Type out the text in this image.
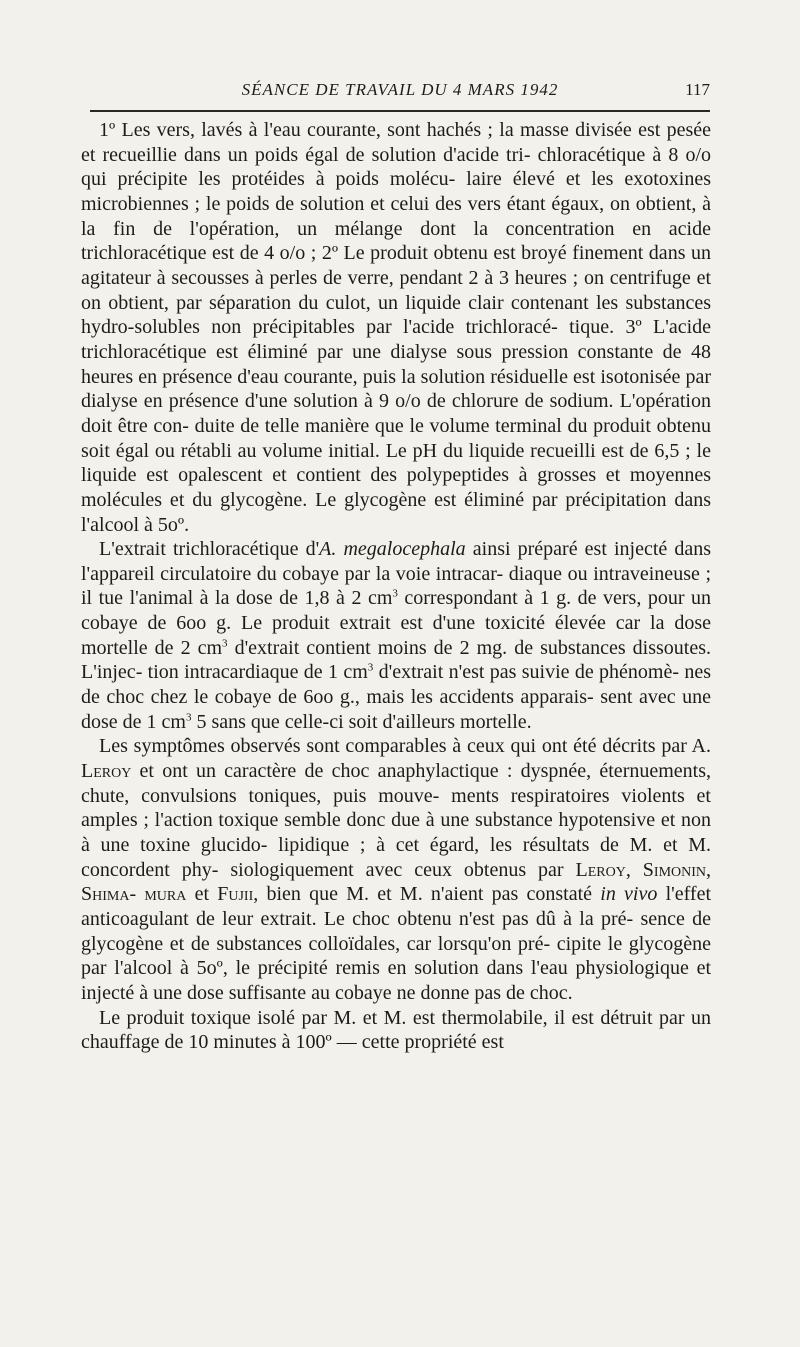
SÉANCE DE TRAVAIL DU 4 MARS 1942	117

1º Les vers, lavés à l'eau courante, sont hachés ; la masse divisée est pesée et recueillie dans un poids égal de solution d'acide tri- chloracétique à 8 o/o qui précipite les protéides à poids molécu- laire élevé et les exotoxines microbiennes ; le poids de solution et celui des vers étant égaux, on obtient, à la fin de l'opération, un mélange dont la concentration en acide trichloracétique est de 4 o/o ; 2º Le produit obtenu est broyé finement dans un agitateur à secousses à perles de verre, pendant 2 à 3 heures ; on centrifuge et on obtient, par séparation du culot, un liquide clair contenant les substances hydro-solubles non précipitables par l'acide trichloracé- tique. 3º L'acide trichloracétique est éliminé par une dialyse sous pression constante de 48 heures en présence d'eau courante, puis la solution résiduelle est isotonisée par dialyse en présence d'une solution à 9 o/o de chlorure de sodium. L'opération doit être con- duite de telle manière que le volume terminal du produit obtenu soit égal ou rétabli au volume initial. Le pH du liquide recueilli est de 6,5 ; le liquide est opalescent et contient des polypeptides à grosses et moyennes molécules et du glycogène. Le glycogène est éliminé par précipitation dans l'alcool à 5oº.

L'extrait trichloracétique d'A. megalocephala ainsi préparé est injecté dans l'appareil circulatoire du cobaye par la voie intracar- diaque ou intraveineuse ; il tue l'animal à la dose de 1,8 à 2 $cm^3$ correspondant à 1 g. de vers, pour un cobaye de 6oo g. Le produit extrait est d'une toxicité élevée car la dose mortelle de 2 $cm^3$ d'extrait contient moins de 2 mg. de substances dissoutes. L'injec- tion intracardiaque de 1 $cm^3$ d'extrait n'est pas suivie de phénomè- nes de choc chez le cobaye de 6oo g., mais les accidents apparais- sent avec une dose de 1 $cm^3$ 5 sans que celle-ci soit d'ailleurs mortelle.

Les symptômes observés sont comparables à ceux qui ont été décrits par A. Leroy et ont un caractère de choc anaphylactique : dyspnée, éternuements, chute, convulsions toniques, puis mouve- ments respiratoires violents et amples ; l'action toxique semble donc due à une substance hypotensive et non à une toxine glucido- lipidique ; à cet égard, les résultats de M. et M. concordent phy- siologiquement avec ceux obtenus par Leroy, Simonin, Shima- mura et Fujii, bien que M. et M. n'aient pas constaté in vivo l'effet anticoagulant de leur extrait. Le choc obtenu n'est pas dû à la pré- sence de glycogène et de substances colloïdales, car lorsqu'on pré- cipite le glycogène par l'alcool à 5oº, le précipité remis en solution dans l'eau physiologique et injecté à une dose suffisante au cobaye ne donne pas de choc.

Le produit toxique isolé par M. et M. est thermolabile, il est détruit par un chauffage de 10 minutes à 100º — cette propriété est
